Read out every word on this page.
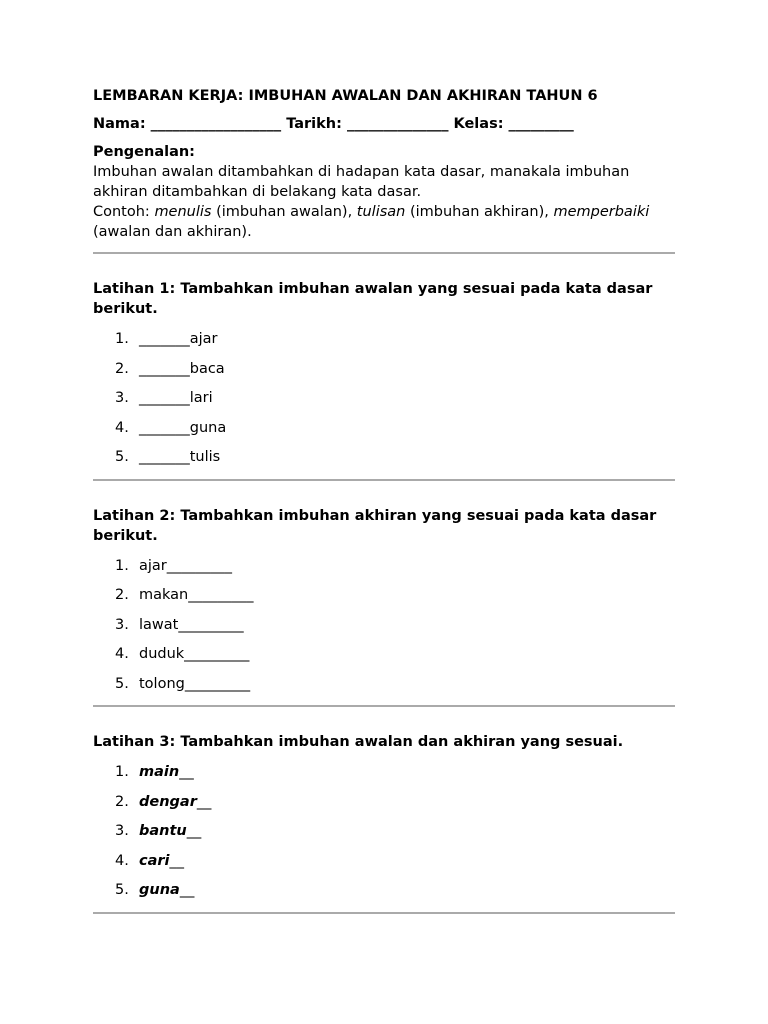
LEMBARAN KERJA: IMBUHAN AWALAN DAN AKHIRAN TAHUN 6
Nama: __________________ Tarikh: ______________ Kelas: _________
Pengenalan:
Imbuhan awalan ditambahkan di hadapan kata dasar, manakala imbuhan akhiran ditambahkan di belakang kata dasar.
Contoh: menulis (imbuhan awalan), tulisan (imbuhan akhiran), memperbaiki (awalan dan akhiran).
Latihan 1: Tambahkan imbuhan awalan yang sesuai pada kata dasar berikut.
1. _______ajar
2. _______baca
3. _______lari
4. _______guna
5. _______tulis
Latihan 2: Tambahkan imbuhan akhiran yang sesuai pada kata dasar berikut.
1. ajar_________
2. makan_________
3. lawat_________
4. duduk_________
5. tolong_________
Latihan 3: Tambahkan imbuhan awalan dan akhiran yang sesuai.
1. main__
2. dengar__
3. bantu__
4. cari__
5. guna__
